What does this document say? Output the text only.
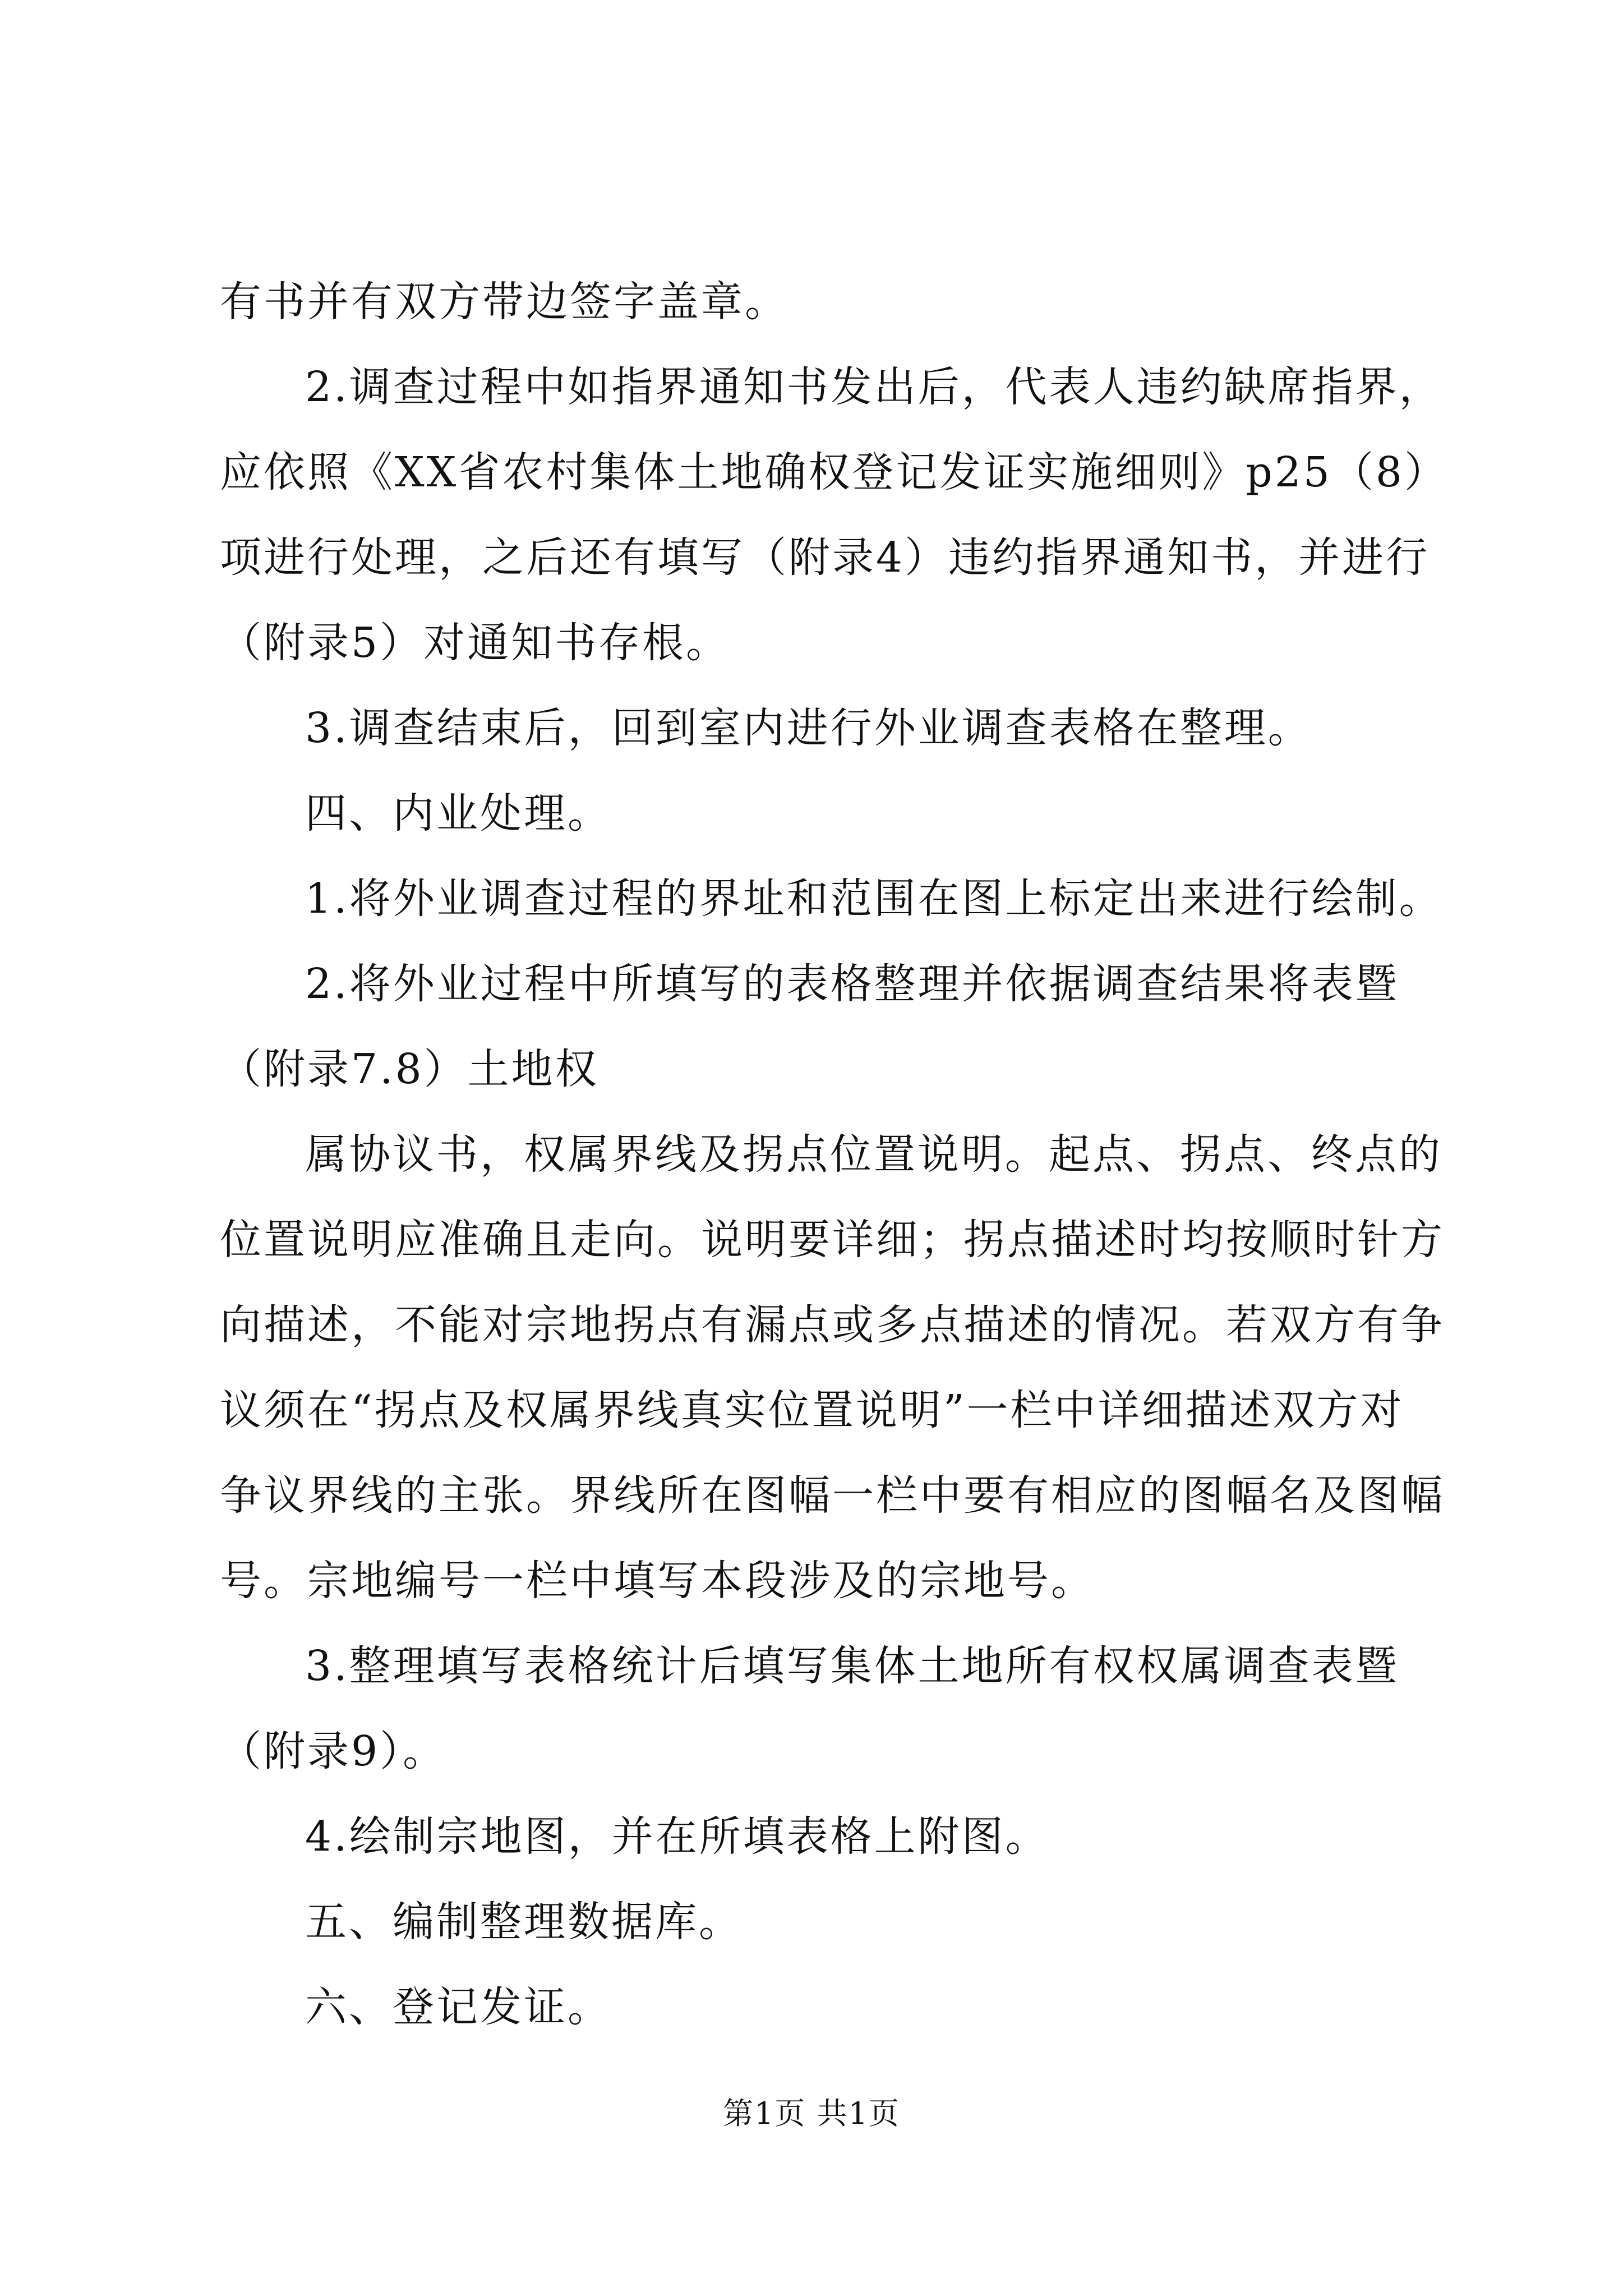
有书并有双方带边签字盖章。
2.调查过程中如指界通知书发出后，代表人违约缺席指界，
应依照《XX省农村集体土地确权登记发证实施细则》p25（8）
项进行处理，之后还有填写（附录4）违约指界通知书，并进行
（附录5）对通知书存根。
3.调查结束后，回到室内进行外业调查表格在整理。
四、内业处理。
1.将外业调查过程的界址和范围在图上标定出来进行绘制。
2.将外业过程中所填写的表格整理并依据调查结果将表暨
（附录7.8）土地权
属协议书，权属界线及拐点位置说明。起点、拐点、终点的
位置说明应准确且走向。说明要详细；拐点描述时均按顺时针方
向描述，不能对宗地拐点有漏点或多点描述的情况。若双方有争
议须在“拐点及权属界线真实位置说明”一栏中详细描述双方对
争议界线的主张。界线所在图幅一栏中要有相应的图幅名及图幅
号。宗地编号一栏中填写本段涉及的宗地号。
3.整理填写表格统计后填写集体土地所有权权属调查表暨
（附录9）。
4.绘制宗地图，并在所填表格上附图。
五、编制整理数据库。
六、登记发证。
第1页 共1页
